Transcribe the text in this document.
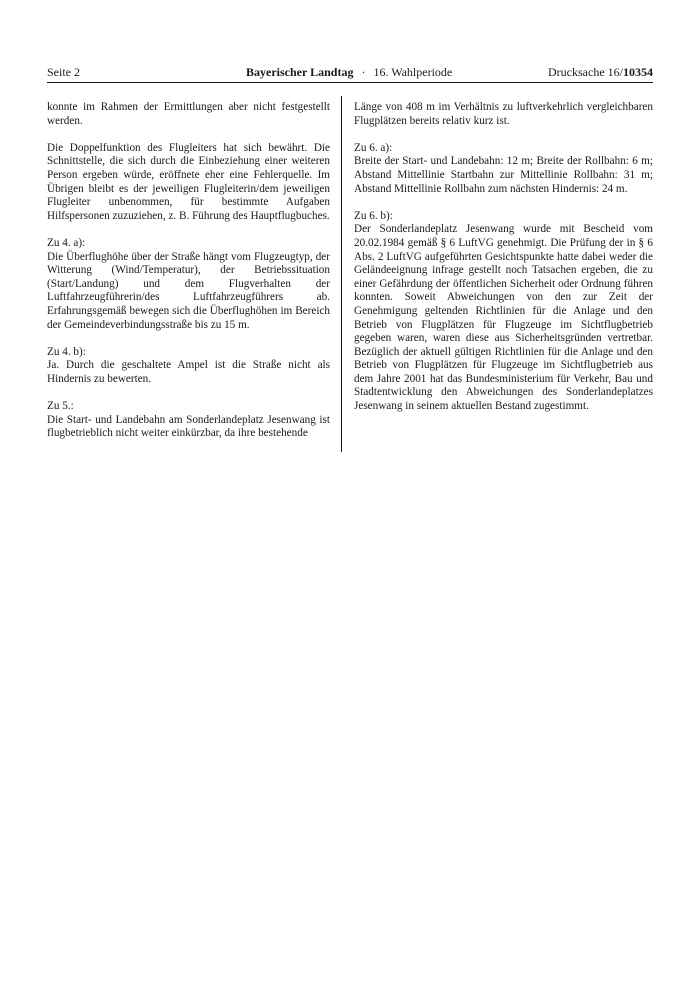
Seite 2	Bayerischer Landtag · 16. Wahlperiode	Drucksache 16/10354

konnte im Rahmen der Ermittlungen aber nicht festgestellt werden.

Die Doppelfunktion des Flugleiters hat sich bewährt. Die Schnittstelle, die sich durch die Einbeziehung einer weiteren Person ergeben würde, eröffnete eher eine Fehlerquelle. Im Übrigen bleibt es der jeweiligen Flugleiterin/dem jeweiligen Flugleiter unbenommen, für bestimmte Aufgaben Hilfspersonen zuzuziehen, z. B. Führung des Hauptflugbuches.

Zu 4. a):

Die Überflughöhe über der Straße hängt vom Flugzeugtyp, der Witterung (Wind/Temperatur), der Betriebssituation (Start/Landung) und dem Flugverhalten der Luftfahrzeugführerin/des Luftfahrzeugführers ab. Erfahrungsgemäß bewegen sich die Überflughöhen im Bereich der Gemeindeverbindungsstraße bis zu 15 m.

Zu 4. b):

Ja. Durch die geschaltete Ampel ist die Straße nicht als Hindernis zu bewerten.

Zu 5.:

Die Start- und Landebahn am Sonderlandeplatz Jesenwang ist flugbetrieblich nicht weiter einkürzbar, da ihre bestehende

Länge von 408 m im Verhältnis zu luftverkehrlich vergleichbaren Flugplätzen bereits relativ kurz ist.

Zu 6. a):

Breite der Start- und Landebahn: 12 m; Breite der Rollbahn: 6 m; Abstand Mittellinie Startbahn zur Mittellinie Rollbahn: 31 m; Abstand Mittellinie Rollbahn zum nächsten Hindernis: 24 m.

Zu 6. b):

Der Sonderlandeplatz Jesenwang wurde mit Bescheid vom 20.02.1984 gemäß § 6 LuftVG genehmigt. Die Prüfung der in § 6 Abs. 2 LuftVG aufgeführten Gesichtspunkte hatte dabei weder die Geländeeignung infrage gestellt noch Tatsachen ergeben, die zu einer Gefährdung der öffentlichen Sicherheit oder Ordnung führen konnten. Soweit Abweichungen von den zur Zeit der Genehmigung geltenden Richtlinien für die Anlage und den Betrieb von Flugplätzen für Flugzeuge im Sichtflugbetrieb gegeben waren, waren diese aus Sicherheitsgründen vertretbar. Bezüglich der aktuell gültigen Richtlinien für die Anlage und den Betrieb von Flugplätzen für Flugzeuge im Sichtflugbetrieb aus dem Jahre 2001 hat das Bundesministerium für Verkehr, Bau und Stadtentwicklung den Abweichungen des Sonderlandeplatzes Jesenwang in seinem aktuellen Bestand zugestimmt.
